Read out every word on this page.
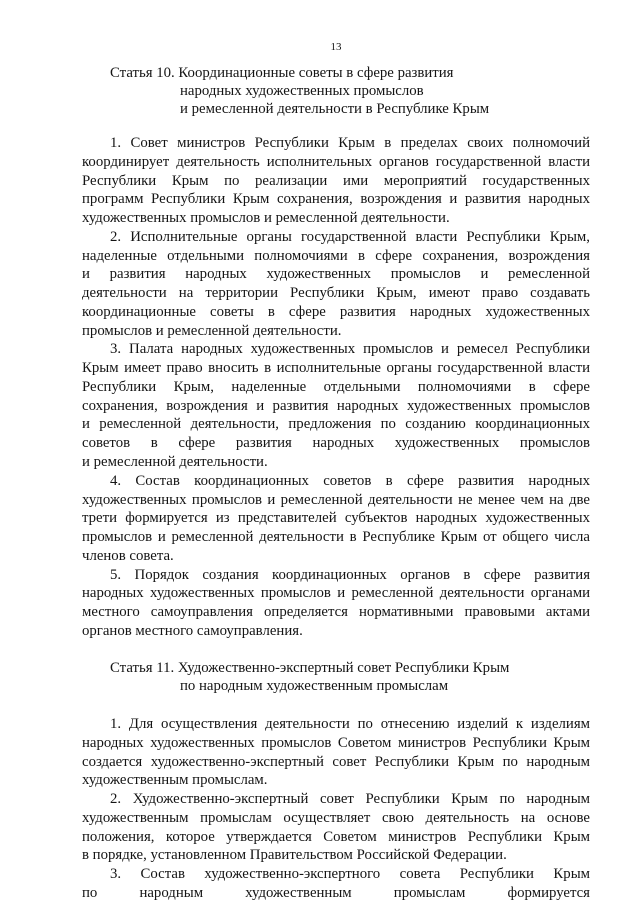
13
Статья 10. Координационные советы в сфере развития
народных художественных промыслов
и ремесленной деятельности в Республике Крым
1. Совет министров Республики Крым в пределах своих полномочий
координирует деятельность исполнительных органов государственной власти
Республики Крым по реализации ими мероприятий государственных
программ Республики Крым сохранения, возрождения и развития народных
художественных промыслов и ремесленной деятельности.
2. Исполнительные органы государственной власти Республики Крым,
наделенные отдельными полномочиями в сфере сохранения, возрождения
и развития народных художественных промыслов и ремесленной
деятельности на территории Республики Крым, имеют право создавать
координационные советы в сфере развития народных художественных
промыслов и ремесленной деятельности.
3. Палата народных художественных промыслов и ремесел Республики
Крым имеет право вносить в исполнительные органы государственной власти
Республики Крым, наделенные отдельными полномочиями в сфере
сохранения, возрождения и развития народных художественных промыслов
и ремесленной деятельности, предложения по созданию координационных
советов в сфере развития народных художественных промыслов
и ремесленной деятельности.
4. Состав координационных советов в сфере развития народных
художественных промыслов и ремесленной деятельности не менее чем на две
трети формируется из представителей субъектов народных художественных
промыслов и ремесленной деятельности в Республике Крым от общего числа
членов совета.
5. Порядок создания координационных органов в сфере развития
народных художественных промыслов и ремесленной деятельности органами
местного самоуправления определяется нормативными правовыми актами
органов местного самоуправления.
Статья 11. Художественно-экспертный совет Республики Крым
по народным художественным промыслам
1. Для осуществления деятельности по отнесению изделий к изделиям
народных художественных промыслов Советом министров Республики Крым
создается художественно-экспертный совет Республики Крым по народным
художественным промыслам.
2. Художественно-экспертный совет Республики Крым по народным
художественным промыслам осуществляет свою деятельность на основе
положения, которое утверждается Советом министров Республики Крым
в порядке, установленном Правительством Российской Федерации.
3. Состав художественно-экспертного совета Республики Крым
по народным художественным промыслам формируется
